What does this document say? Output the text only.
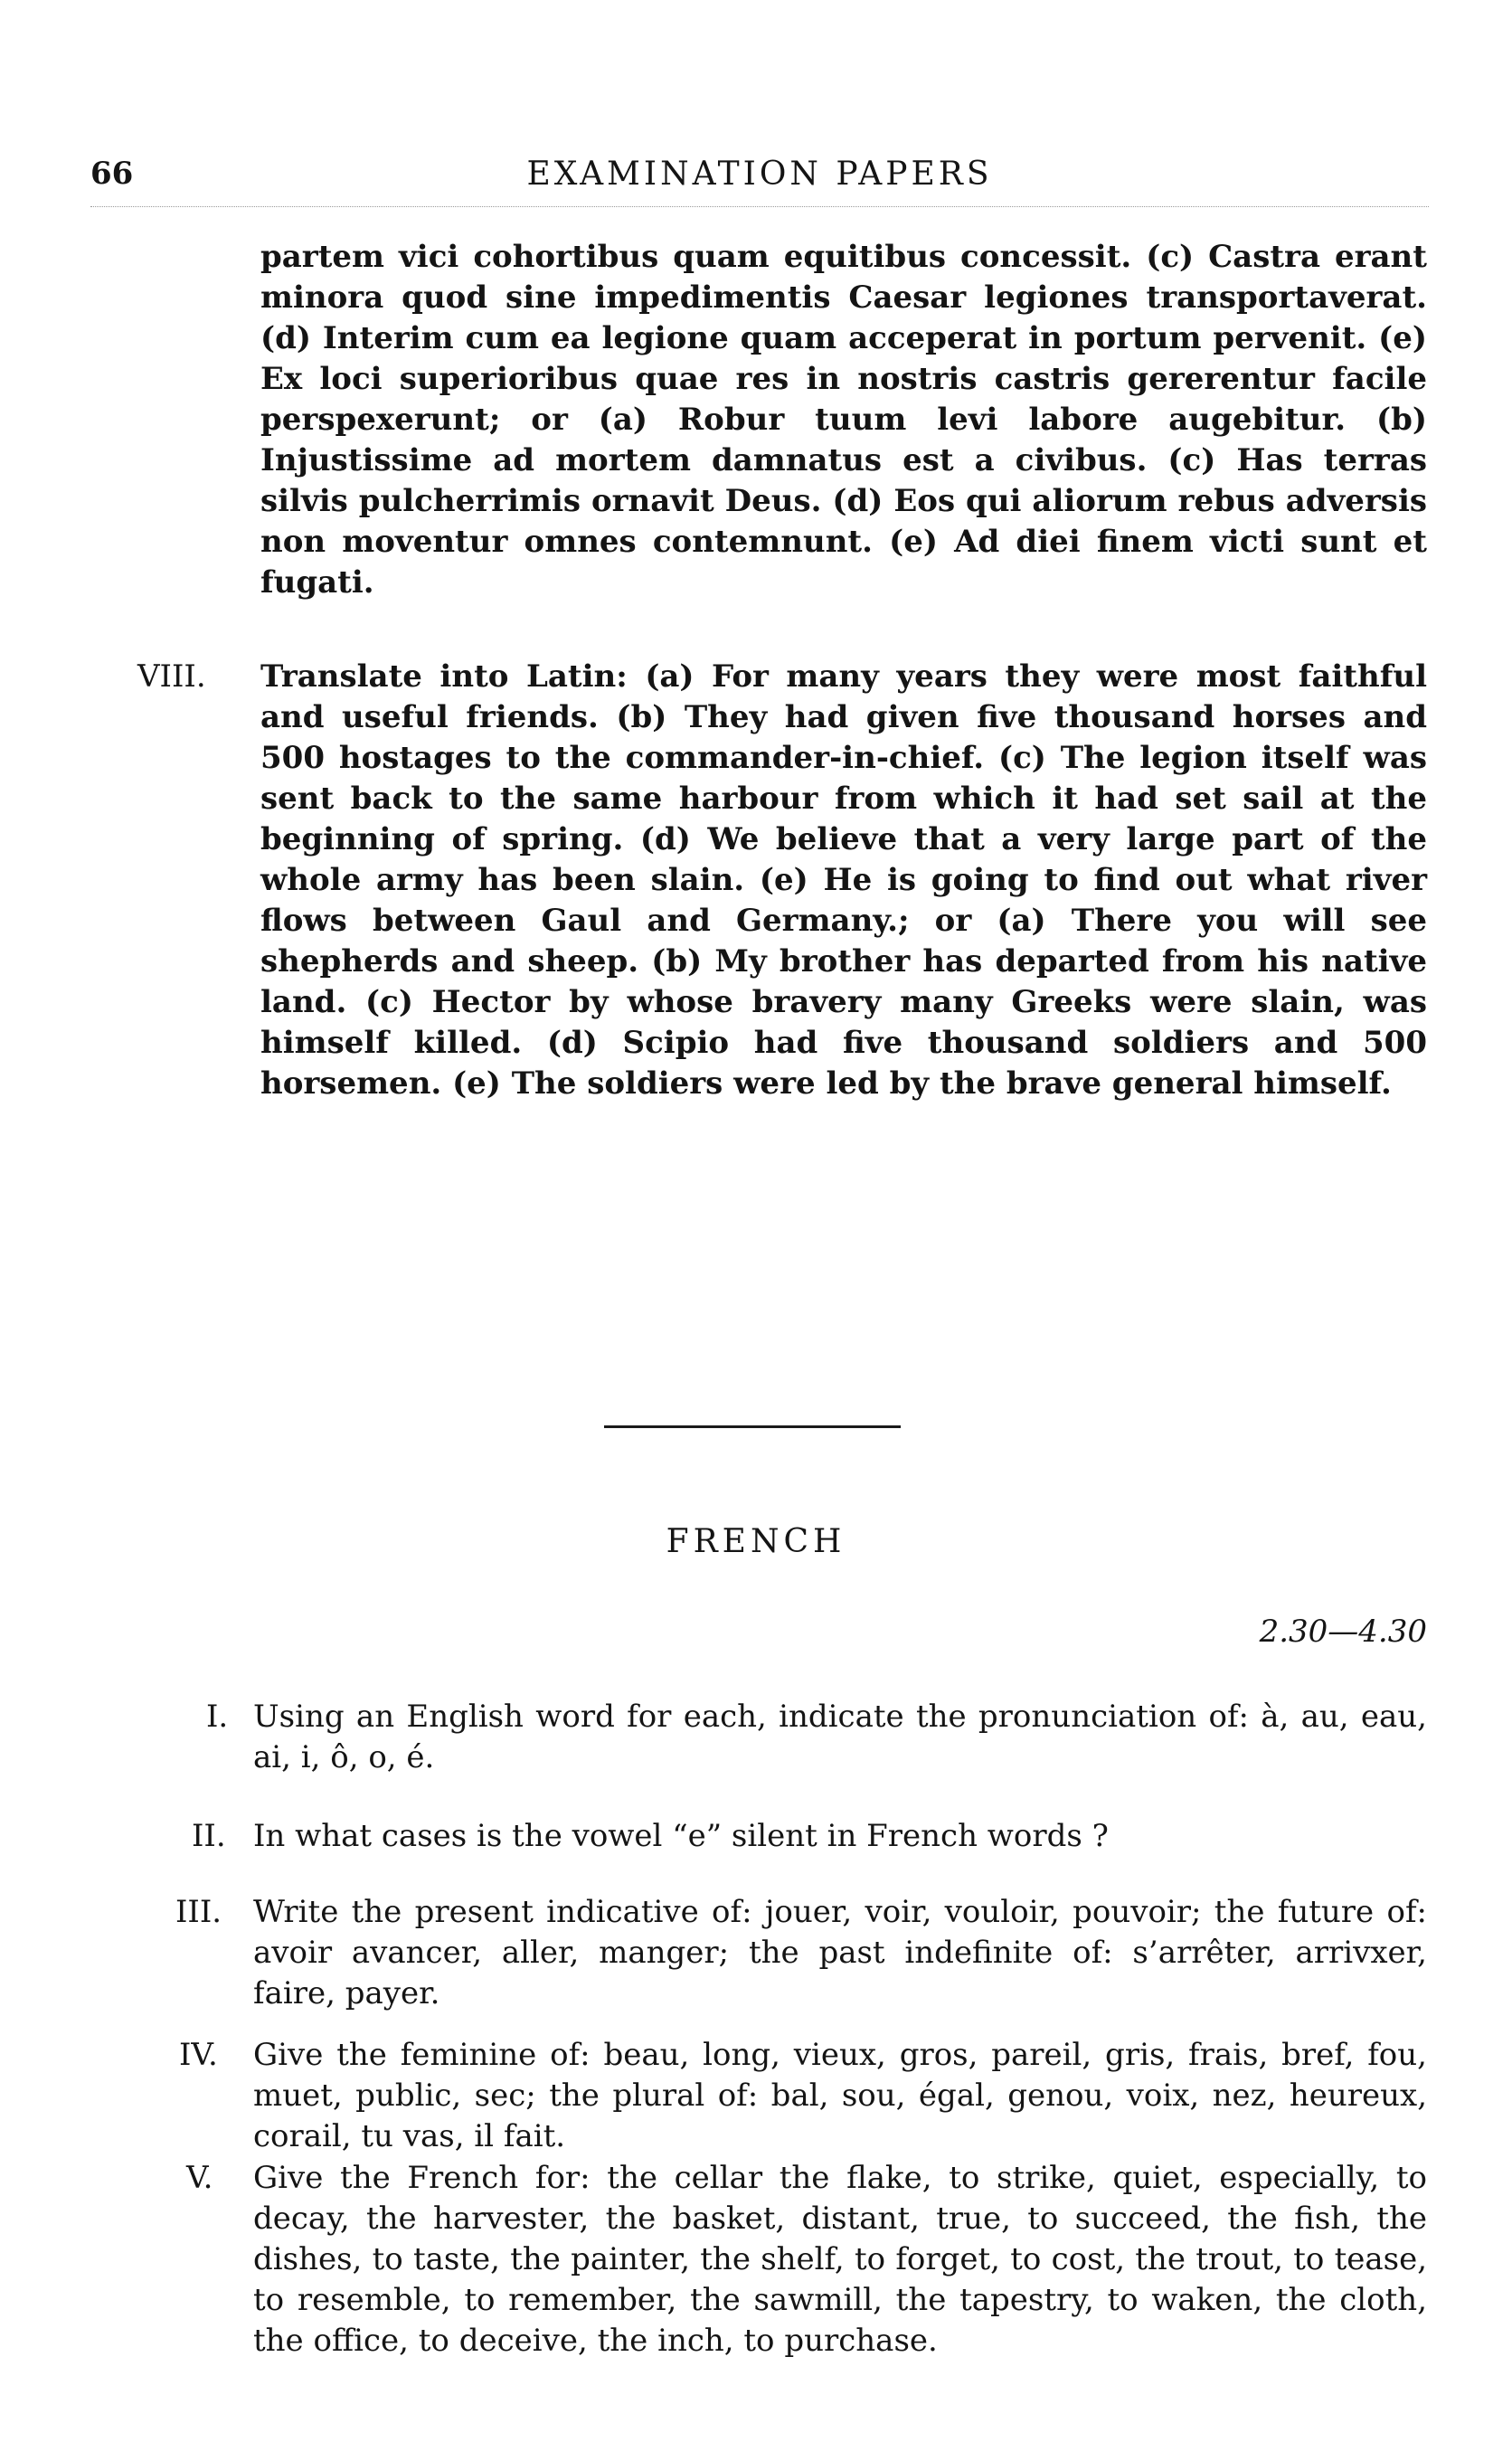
66	EXAMINATION PAPERS

partem vici cohortibus quam equitibus concessit. (c) Castra erant minora quod sine impedimentis Caesar legiones transportaverat. (d) Interim cum ea legione quam acceperat in portum pervenit. (e) Ex loci superioribus quae res in nostris castris gererentur facile perspexerunt; or (a) Robur tuum levi labore augebitur. (b) Injustissime ad mortem damnatus est a civibus. (c) Has terras silvis pulcherrimis ornavit Deus. (d) Eos qui aliorum rebus adversis non moventur omnes contemnunt. (e) Ad diei finem victi sunt et fugati.

VIII. Translate into Latin: (a) For many years they were most faithful and useful friends. (b) They had given five thousand horses and 500 hostages to the commander-in-chief. (c) The legion itself was sent back to the same harbour from which it had set sail at the beginning of spring. (d) We believe that a very large part of the whole army has been slain. (e) He is going to find out what river flows between Gaul and Germany.; or (a) There you will see shepherds and sheep. (b) My brother has departed from his native land. (c) Hector by whose bravery many Greeks were slain, was himself killed. (d) Scipio had five thousand soldiers and 500 horsemen. (e) The soldiers were led by the brave general himself.

FRENCH
2.30—4.30
I. Using an English word for each, indicate the pronunciation of: à, au, eau, ai, i, ô, o, é.

II. In what cases is the vowel “e” silent in French words ?

III. Write the present indicative of: jouer, voir, vouloir, pouvoir; the future of: avoir avancer, aller, manger; the past indefinite of: s’arrêter, arrivxer, faire, payer.

IV. Give the feminine of: beau, long, vieux, gros, pareil, gris, frais, bref, fou, muet, public, sec; the plural of: bal, sou, égal, genou, voix, nez, heureux, corail, tu vas, il fait.

V. Give the French for: the cellar the flake, to strike, quiet, especially, to decay, the harvester, the basket, distant, true, to succeed, the fish, the dishes, to taste, the painter, the shelf, to forget, to cost, the trout, to tease, to resemble, to remember, the sawmill, the tapestry, to waken, the cloth, the office, to deceive, the inch, to purchase.
